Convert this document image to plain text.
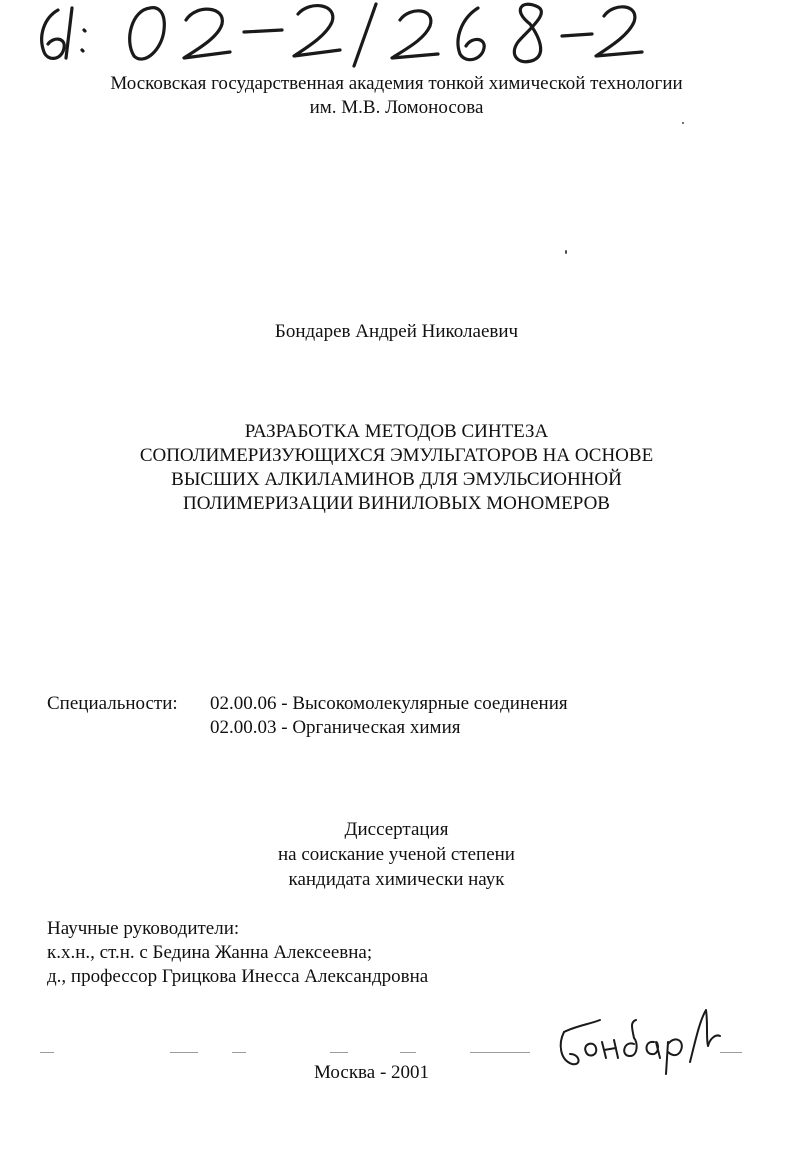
Московская государственная академия тонкой химической технологии
им. М.В. Ломоносова
Бондарев Андрей Николаевич
РАЗРАБОТКА МЕТОДОВ СИНТЕЗА
СОПОЛИМЕРИЗУЮЩИХСЯ ЭМУЛЬГАТОРОВ НА ОСНОВЕ
ВЫСШИХ АЛКИЛАМИНОВ ДЛЯ ЭМУЛЬСИОННОЙ
ПОЛИМЕРИЗАЦИИ ВИНИЛОВЫХ МОНОМЕРОВ
Специальности: 02.00.06 - Высокомолекулярные соединения
02.00.03 - Органическая химия
Диссертация
на соискание ученой степени
кандидата химически наук
Научные руководители:
к.х.н., ст.н. с Бедина Жанна Алексеевна;
д., профессор Грицкова Инесса Александровна
Москва - 2001
